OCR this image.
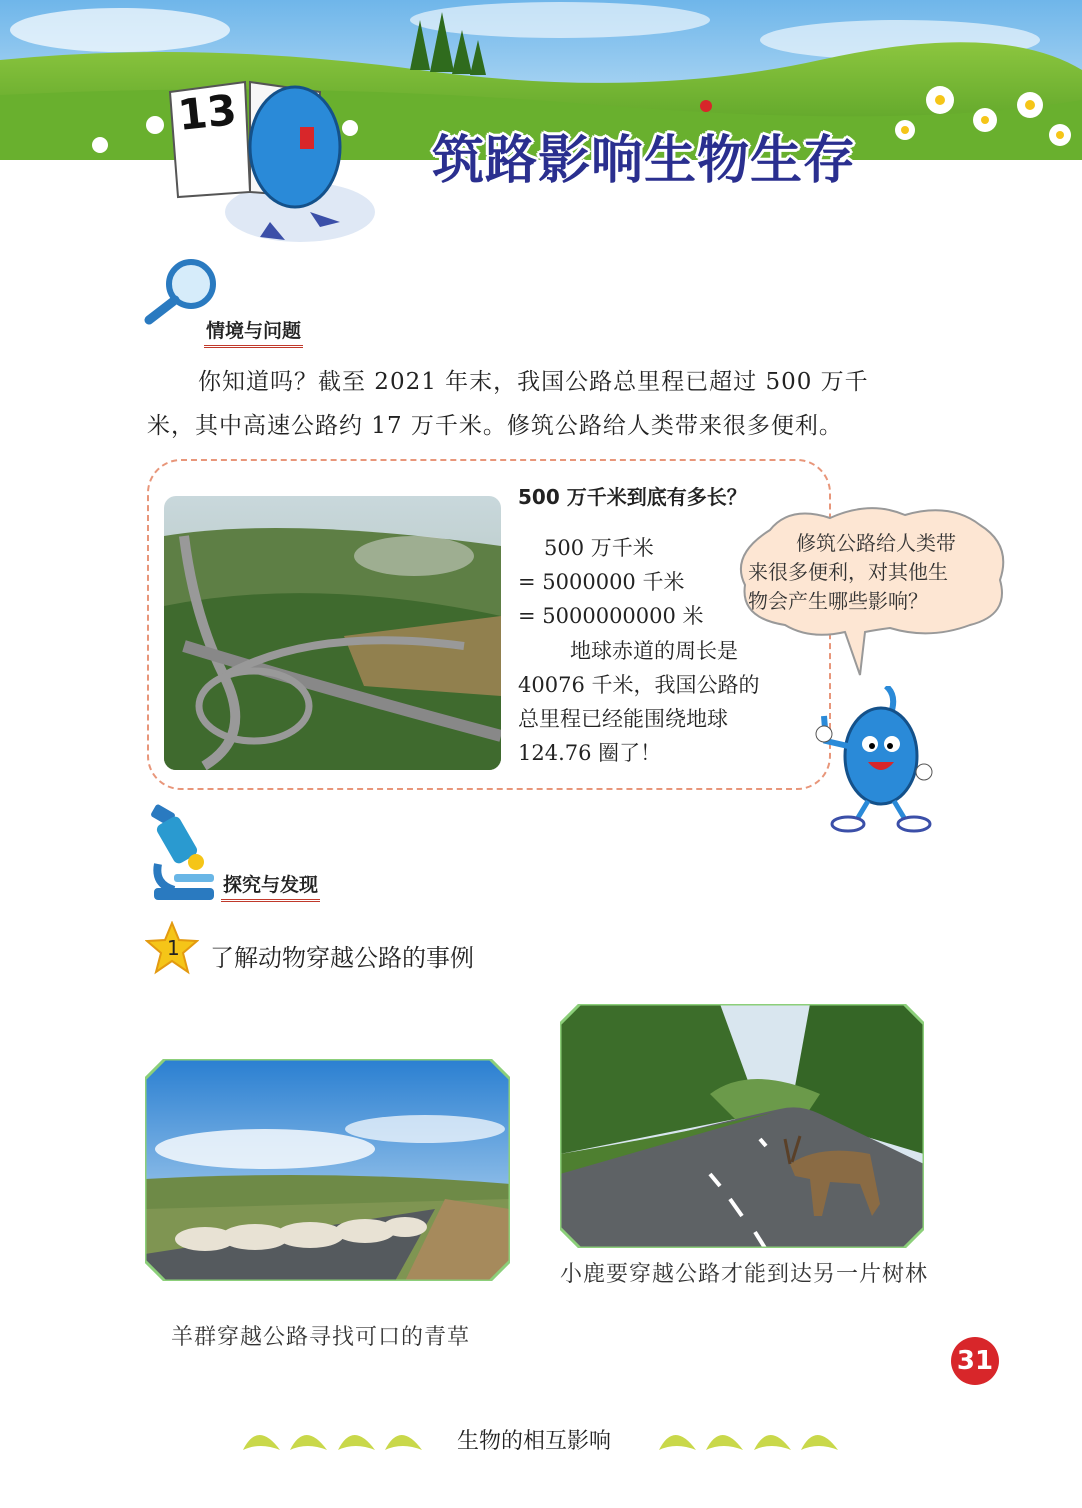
13
筑路影响生物生存
情境与问题
你知道吗？截至 2021 年末，我国公路总里程已超过 500 万千
米，其中高速公路约 17 万千米。修筑公路给人类带来很多便利。
500 万千米到底有多长？
500 万千米
= 5000000 千米
= 5000000000 米
地球赤道的周长是
40076 千米，我国公路的
总里程已经能围绕地球
124.76 圈了！
修筑公路给人类带
来很多便利，对其他生
物会产生哪些影响？
探究与发现
1 了解动物穿越公路的事例
羊群穿越公路寻找可口的青草
小鹿要穿越公路才能到达另一片树林
31
生物的相互影响
